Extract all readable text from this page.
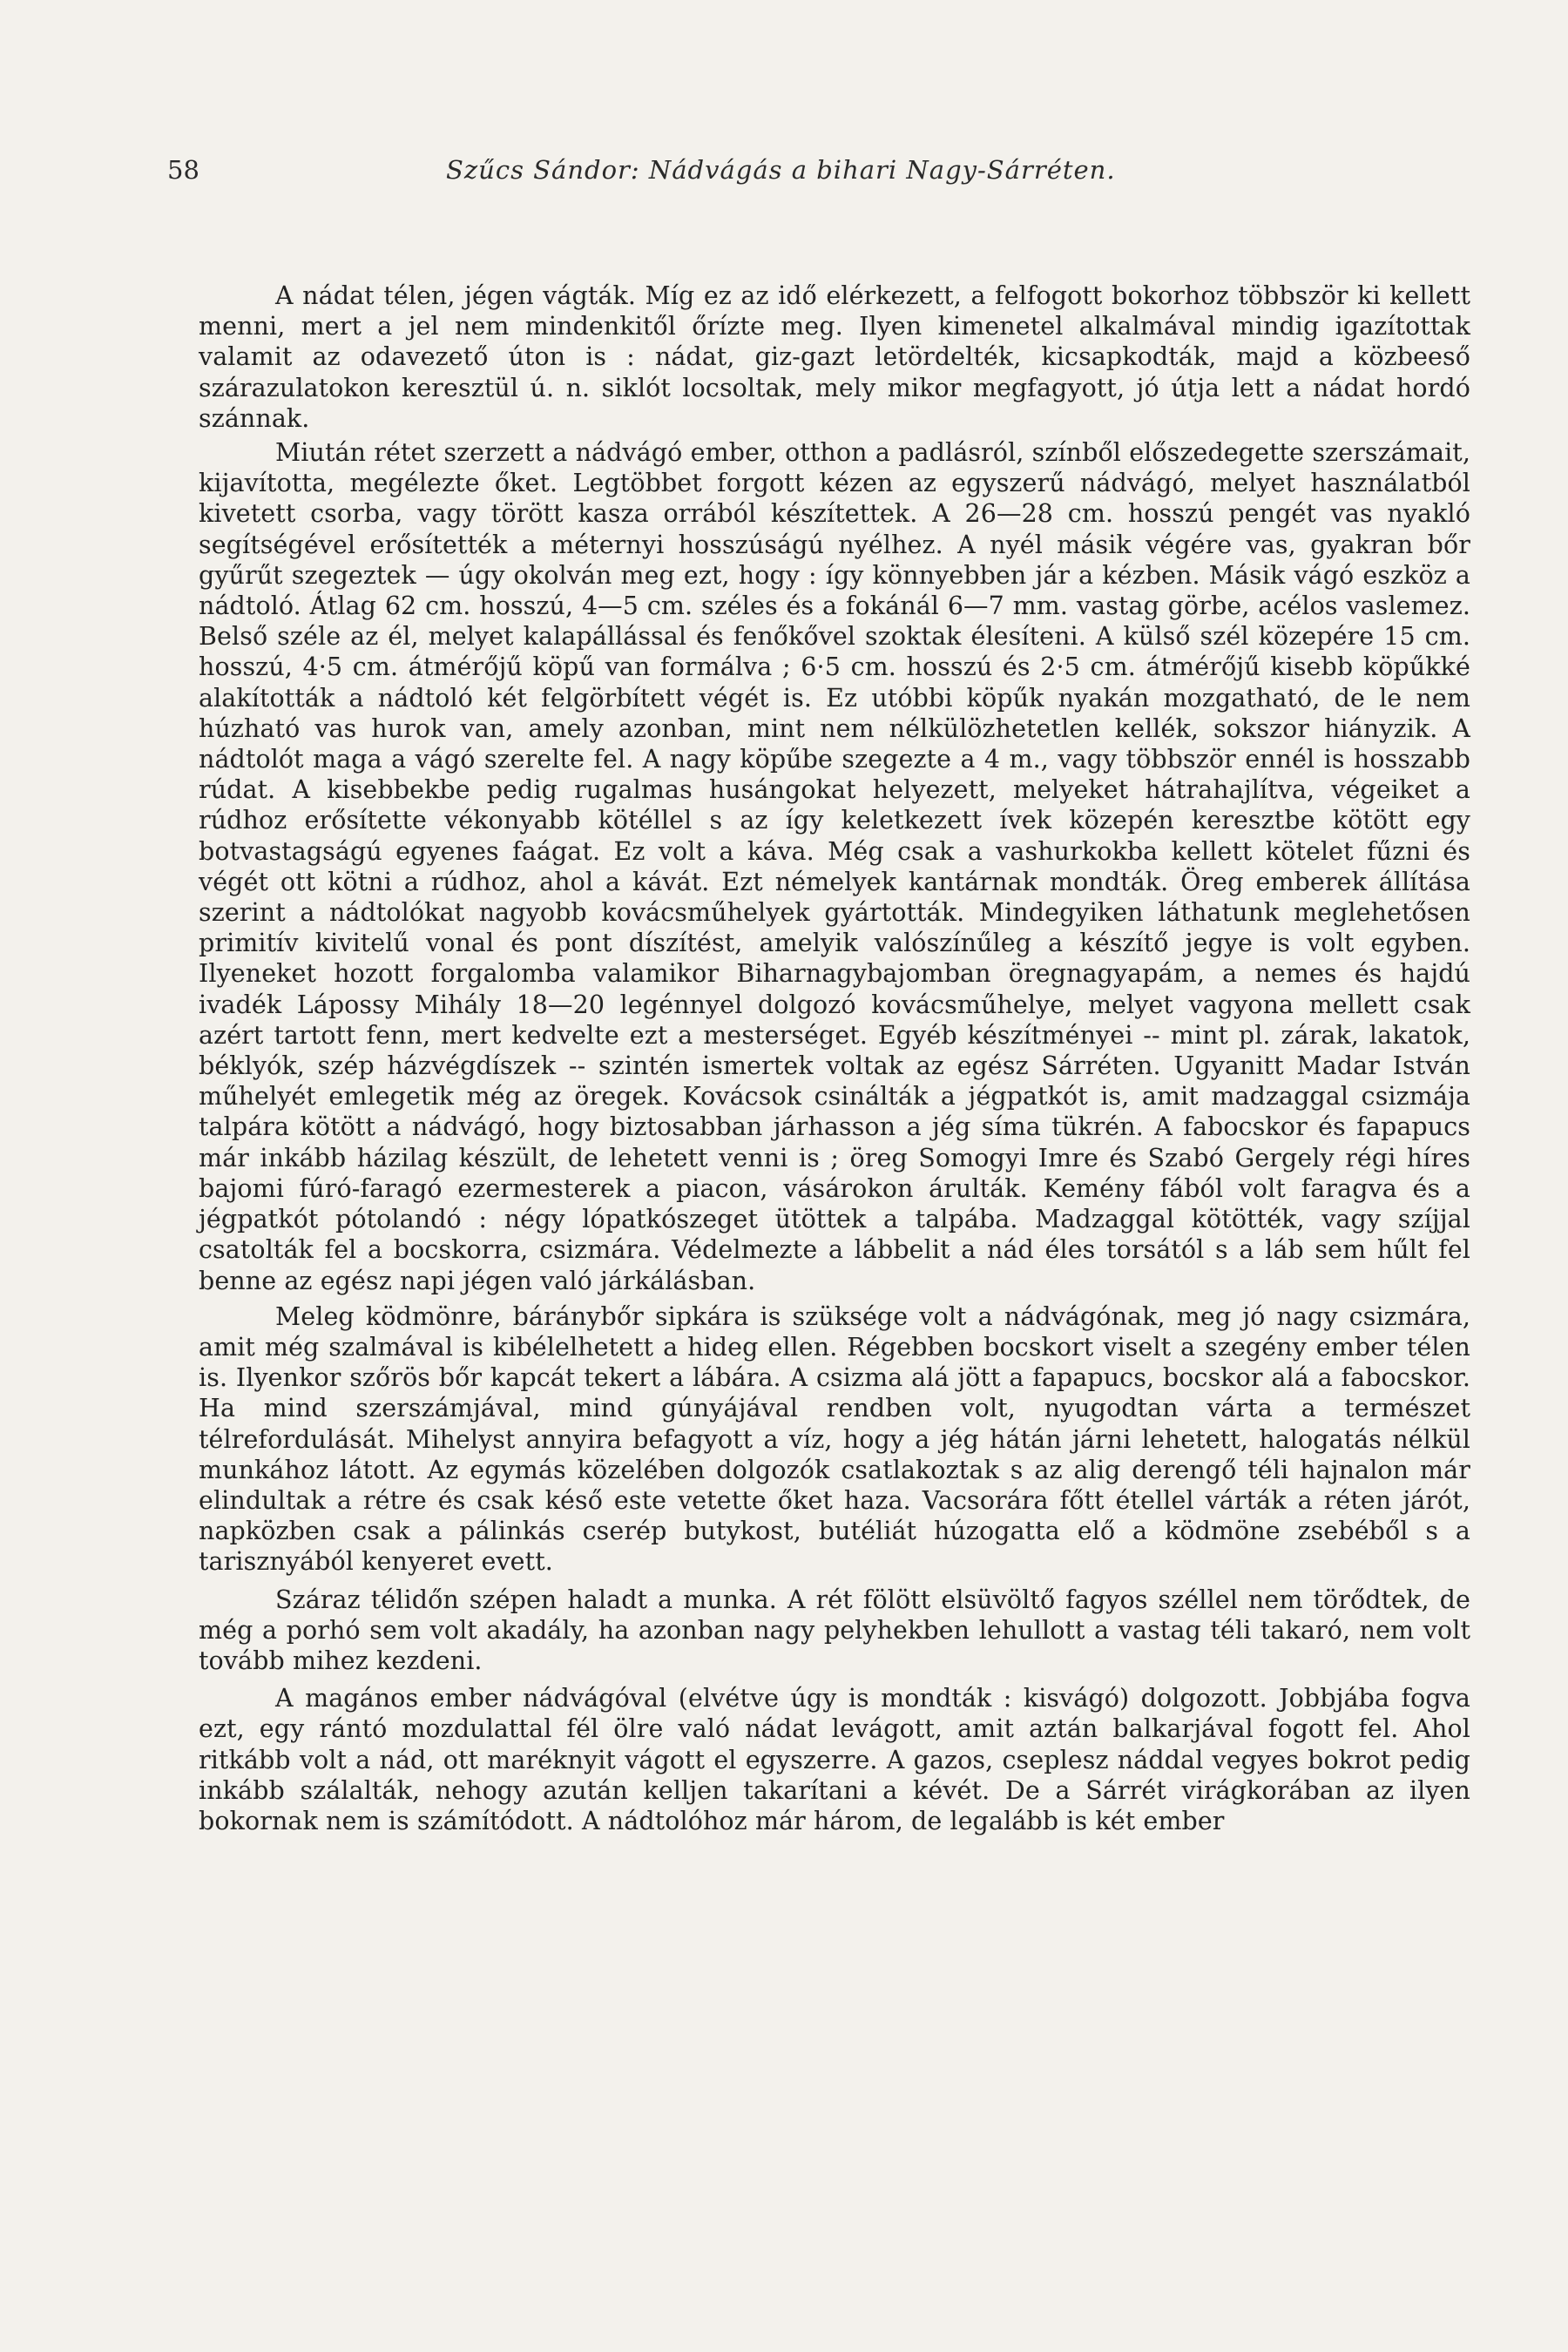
58	Szűcs Sándor: Nádvágás a bihari Nagy-Sárréten.

A nádat télen, jégen vágták. Míg ez az idő elérkezett, a felfogott bokorhoz többször ki kellett menni, mert a jel nem mindenkitől őrízte meg. Ilyen kimenetel alkalmával mindig igazítottak valamit az odavezető úton is : nádat, giz-gazt letördelték, kicsapkodták, majd a közbeeső szárazulatokon keresztül ú. n. siklót locsoltak, mely mikor megfagyott, jó útja lett a nádat hordó szánnak.

Miután rétet szerzett a nádvágó ember, otthon a padlásról, színből előszedegette szerszámait, kijavította, megélezte őket. Legtöbbet forgott kézen az egyszerű nádvágó, melyet használatból kivetett csorba, vagy törött kasza orrából készítettek. A 26—28 cm. hosszú pengét vas nyakló segítségével erősítették a méternyi hosszúságú nyélhez. A nyél másik végére vas, gyakran bőr gyűrűt szegeztek — úgy okolván meg ezt, hogy : így könnyebben jár a kézben. Másik vágó eszköz a nádtoló. Átlag 62 cm. hosszú, 4—5 cm. széles és a fokánál 6—7 mm. vastag görbe, acélos vaslemez. Belső széle az él, melyet kalapállással és fenőkővel szoktak élesíteni. A külső szél közepére 15 cm. hosszú, 4·5 cm. átmérőjű köpű van formálva ; 6·5 cm. hosszú és 2·5 cm. átmérőjű kisebb köpűkké alakították a nádtoló két felgörbített végét is. Ez utóbbi köpűk nyakán mozgatható, de le nem húzható vas hurok van, amely azonban, mint nem nélkülözhetetlen kellék, sokszor hiányzik. A nádtolót maga a vágó szerelte fel. A nagy köpűbe szegezte a 4 m., vagy többször ennél is hosszabb rúdat. A kisebbekbe pedig rugalmas husángokat helyezett, melyeket hátrahajlítva, végeiket a rúdhoz erősítette vékonyabb kötéllel s az így keletkezett ívek közepén keresztbe kötött egy botvastagságú egyenes faágat. Ez volt a káva. Még csak a vashurkokba kellett kötelet fűzni és végét ott kötni a rúdhoz, ahol a kávát. Ezt némelyek kantárnak mondták. Öreg emberek állítása szerint a nádtolókat nagyobb kovácsműhelyek gyártották. Mindegyiken láthatunk meglehetősen primitív kivitelű vonal és pont díszítést, amelyik valószínűleg a készítő jegye is volt egyben. Ilyeneket hozott forgalomba valamikor Biharnagybajomban öregnagyapám, a nemes és hajdú ivadék Lápossy Mihály 18—20 legénnyel dolgozó kovácsműhelye, melyet vagyona mellett csak azért tartott fenn, mert kedvelte ezt a mesterséget. Egyéb készítményei -- mint pl. zárak, lakatok, béklyók, szép házvégdíszek -- szintén ismertek voltak az egész Sárréten. Ugyanitt Madar István műhelyét emlegetik még az öregek. Kovácsok csinálták a jégpatkót is, amit madzaggal csizmája talpára kötött a nádvágó, hogy biztosabban járhasson a jég síma tükrén. A fabocskor és fapapucs már inkább házilag készült, de lehetett venni is ; öreg Somogyi Imre és Szabó Gergely régi híres bajomi fúró-faragó ezermesterek a piacon, vásárokon árulták. Kemény fából volt faragva és a jégpatkót pótolandó : négy lópatkószeget ütöttek a talpába. Madzaggal kötötték, vagy szíjjal csatolták fel a bocskorra, csizmára. Védelmezte a lábbelit a nád éles torsától s a láb sem hűlt fel benne az egész napi jégen való járkálásban.

Meleg ködmönre, báránybőr sipkára is szüksége volt a nádvágónak, meg jó nagy csizmára, amit még szalmával is kibélelhetett a hideg ellen. Régebben bocskort viselt a szegény ember télen is. Ilyenkor szőrös bőr kapcát tekert a lábára. A csizma alá jött a fapapucs, bocskor alá a fabocskor. Ha mind szerszámjával, mind gúnyájával rendben volt, nyugodtan várta a természet télrefordulását. Mihelyst annyira befagyott a víz, hogy a jég hátán járni lehetett, halogatás nélkül munkához látott. Az egymás közelében dolgozók csatlakoztak s az alig derengő téli hajnalon már elindultak a rétre és csak késő este vetette őket haza. Vacsorára főtt étellel várták a réten járót, napközben csak a pálinkás cserép butykost, butéliát húzogatta elő a ködmöne zsebéből s a tarisznyából kenyeret evett.

Száraz télidőn szépen haladt a munka. A rét fölött elsüvöltő fagyos széllel nem törődtek, de még a porhó sem volt akadály, ha azonban nagy pelyhekben lehullott a vastag téli takaró, nem volt tovább mihez kezdeni.

A magános ember nádvágóval (elvétve úgy is mondták : kisvágó) dolgozott. Jobbjába fogva ezt, egy rántó mozdulattal fél ölre való nádat levágott, amit aztán balkarjával fogott fel. Ahol ritkább volt a nád, ott maréknyit vágott el egyszerre. A gazos, cseplesz náddal vegyes bokrot pedig inkább szálalták, nehogy azután kelljen takarítani a kévét. De a Sárrét virágkorában az ilyen bokornak nem is számítódott. A nádtolóhoz már három, de legalább is két ember
